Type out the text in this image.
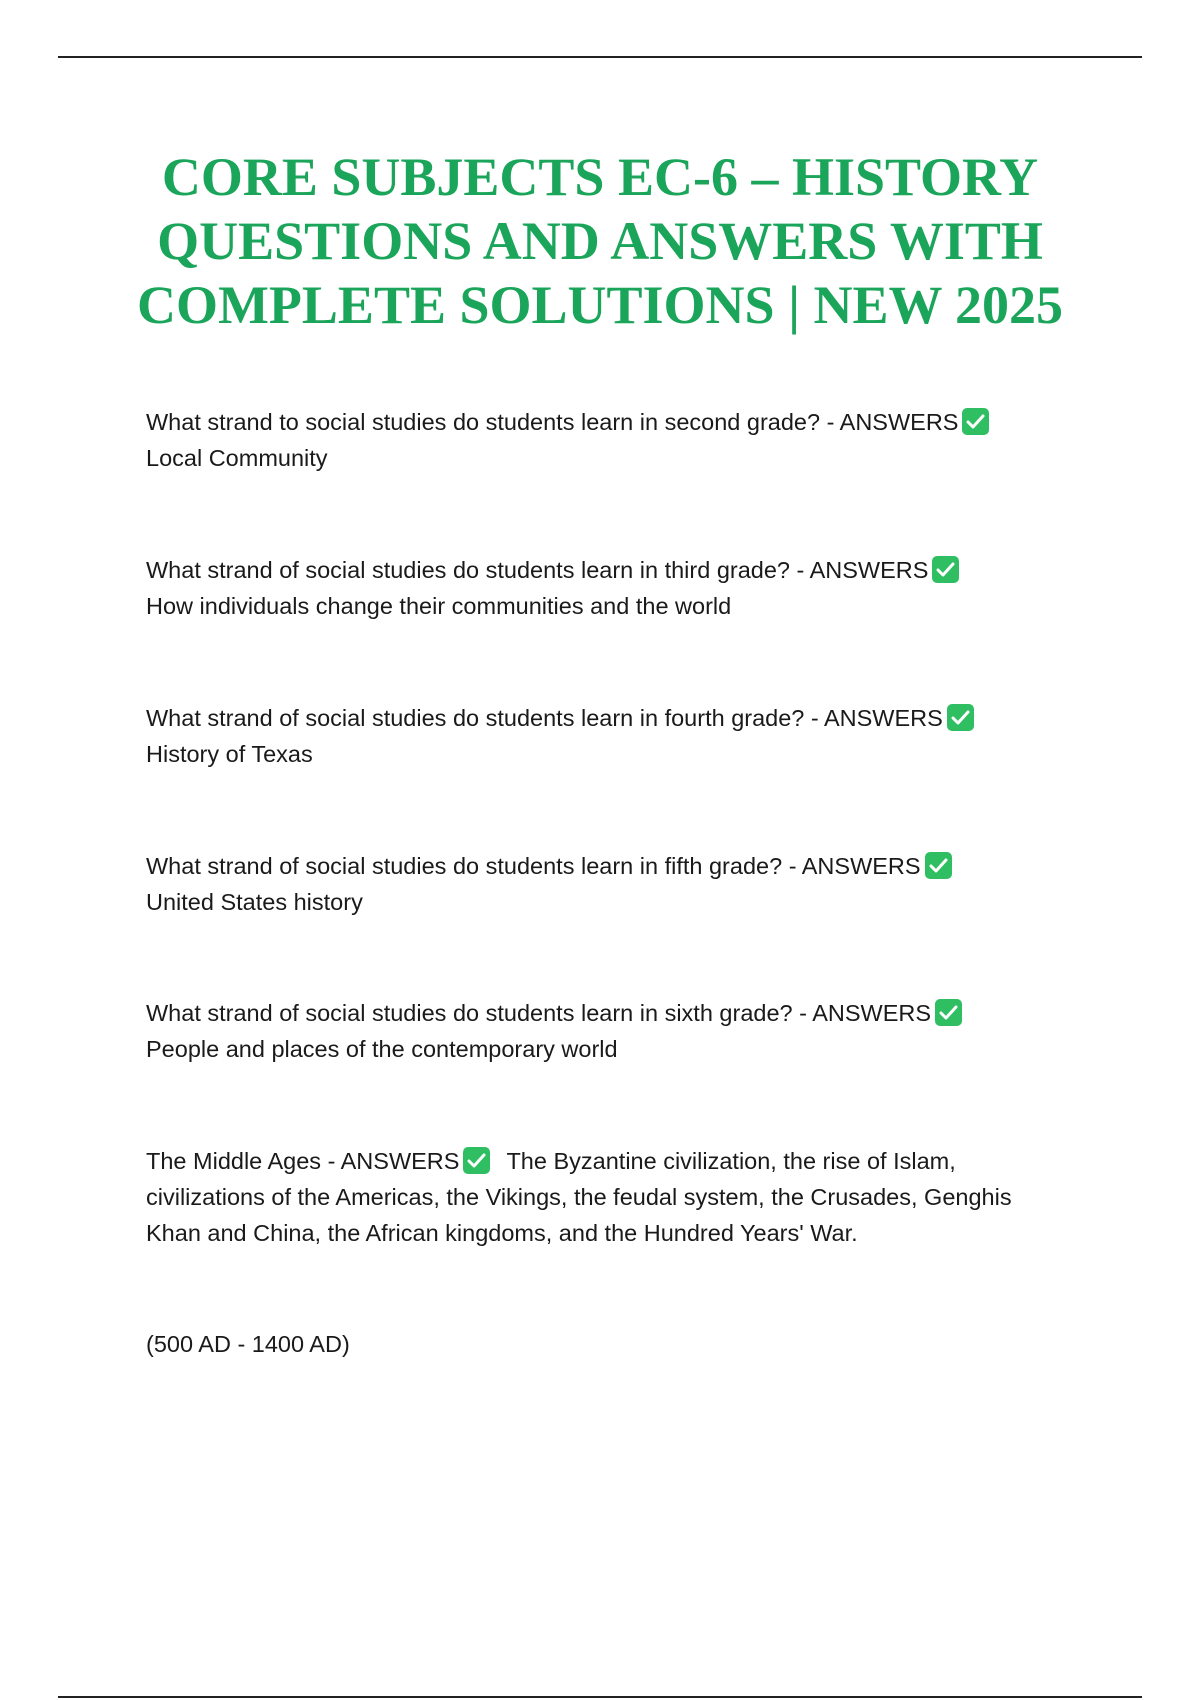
CORE SUBJECTS EC-6 – HISTORY
QUESTIONS AND ANSWERS WITH
COMPLETE SOLUTIONS | NEW 2025
What strand to social studies do students learn in second grade? - ANSWERS
Local Community
What strand of social studies do students learn in third grade? - ANSWERS
How individuals change their communities and the world
What strand of social studies do students learn in fourth grade? - ANSWERS
History of Texas
What strand of social studies do students learn in fifth grade? - ANSWERS
United States history
What strand of social studies do students learn in sixth grade? - ANSWERS
People and places of the contemporary world
The Middle Ages - ANSWERS The Byzantine civilization, the rise of Islam,
civilizations of the Americas, the Vikings, the feudal system, the Crusades, Genghis
Khan and China, the African kingdoms, and the Hundred Years' War.
(500 AD - 1400 AD)
